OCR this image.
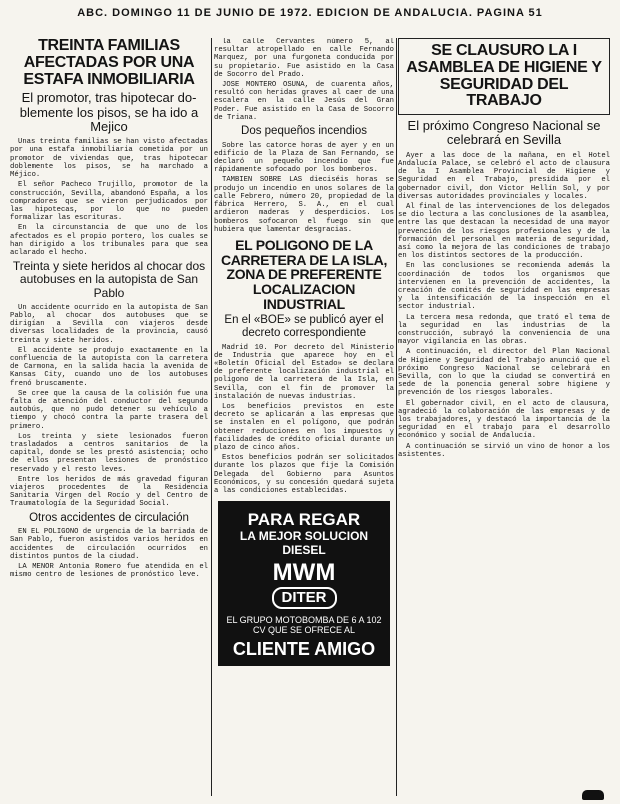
ABC. DOMINGO 11 DE JUNIO DE 1972. EDICION DE ANDALUCIA. PAGINA 51
TREINTA FAMILIAS AFECTADAS POR UNA ESTAFA INMOBILIARIA
El promotor, tras hipotecar do-blemente los pisos, se ha ido a Mejico

Unas treinta familias se han visto afectadas por una estafa inmobiliaria cometida por un promotor de viviendas que, tras hipotecar doblemente los pisos, se ha marchado a Méjico.

El señor Pacheco Trujillo, promotor de la construcción, Sevilla, abandonó España, a los compradores que se vieron perjudicados por las hipotecas, por lo que no pueden formalizar las escrituras.

En la circunstancia de que uno de los afectados es el propio portero, los cuales se han dirigido a los tribunales para que sea aclarado el hecho.

Treinta y siete heridos al chocar dos autobuses en la autopista de San Pablo

Un accidente ocurrido en la autopista de San Pablo, al chocar dos autobuses que se dirigían a Sevilla con viajeros desde diversas localidades de la provincia, causó treinta y siete heridos.

El accidente se produjo exactamente en la confluencia de la autopista con la carretera de Carmona, en la salida hacia la avenida de Kansas City, cuando uno de los autobuses frenó bruscamente.

Se cree que la causa de la colisión fue una falta de atención del conductor del segundo autobús, que no pudo detener su vehículo a tiempo y chocó contra la parte trasera del primero.

Los treinta y siete lesionados fueron trasladados a centros sanitarios de la capital, donde se les prestó asistencia; ocho de ellos presentan lesiones de pronóstico reservado y el resto leves.

Entre los heridos de más gravedad figuran viajeros procedentes de la Residencia Sanitaria Virgen del Rocío y del Centro de Traumatología de la Seguridad Social.

Otros accidentes de circulación

EN EL POLIGONO de urgencia de la barriada de San Pablo, fueron asistidos varios heridos en accidentes de circulación ocurridos en distintos puntos de la ciudad.

LA MENOR Antonia Romero fue atendida en el mismo centro de lesiones de pronóstico leve.

la calle Cervantes número 5, al resultar atropellado en calle Fernando Marquez, por una furgoneta conducida por su propietario. Fue asistido en la Casa de Socorro del Prado.

JOSE MONTERO OSUNA, de cuarenta años, resultó con heridas graves al caer de una escalera en la calle Jesús del Gran Poder. Fue asistido en la Casa de Socorro de Triana.

Dos pequeños incendios

Sobre las catorce horas de ayer y en un edificio de la Plaza de San Fernando, se declaró un pequeño incendio que fue rápidamente sofocado por los bomberos.

TAMBIEN SOBRE LAS dieciséis horas se produjo un incendio en unos solares de la calle Febrero, número 20, propiedad de la fábrica Herrero, S. A., en el cual ardieron maderas y desperdicios. Los bomberos sofocaron el fuego sin que hubiera que lamentar desgracias.

EL POLIGONO DE LA CARRETERA DE LA ISLA, ZONA DE PREFERENTE LOCALIZACION INDUSTRIAL
En el «BOE» se publicó ayer el decreto correspondiente

Madrid 10. Por decreto del Ministerio de Industria que aparece hoy en el «Boletín Oficial del Estado» se declara de preferente localización industrial el polígono de la carretera de la Isla, en Sevilla, con el fin de promover la instalación de nuevas industrias.

Los beneficios previstos en este decreto se aplicarán a las empresas que se instalen en el polígono, que podrán obtener reducciones en los impuestos y facilidades de crédito oficial durante un plazo de cinco años.

Estos beneficios podrán ser solicitados durante los plazos que fije la Comisión Delegada del Gobierno para Asuntos Económicos, y su concesión quedará sujeta a las condiciones establecidas.

PARA REGAR
LA MEJOR SOLUCION
DIESEL
MWM
DITER
EL GRUPO MOTOBOMBA DE 6 A 102 CV QUE SE OFRECE AL
CLIENTE AMIGO
SE CLAUSURO LA I ASAMBLEA DE HIGIENE Y SEGURIDAD DEL TRABAJO
El próximo Congreso Nacional se celebrará en Sevilla

Ayer a las doce de la mañana, en el Hotel Andalucía Palace, se celebró el acto de clausura de la I Asamblea Provincial de Higiene y Seguridad en el Trabajo, presidida por el gobernador civil, don Víctor Hellín Sol, y por diversas autoridades provinciales y locales.

Al final de las intervenciones de los delegados se dio lectura a las conclusiones de la asamblea, entre las que destacan la necesidad de una mayor prevención de los riesgos profesionales y de la formación del personal en materia de seguridad, así como la mejora de las condiciones de trabajo en los distintos sectores de la producción.

En las conclusiones se recomienda además la coordinación de todos los organismos que intervienen en la prevención de accidentes, la creación de comités de seguridad en las empresas y la intensificación de la inspección en el sector industrial.

La tercera mesa redonda, que trató el tema de la seguridad en las industrias de la construcción, subrayó la conveniencia de una mayor vigilancia en las obras.

A continuación, el director del Plan Nacional de Higiene y Seguridad del Trabajo anunció que el próximo Congreso Nacional se celebrará en Sevilla, con lo que la ciudad se convertirá en sede de la ponencia general sobre higiene y prevención de los riesgos laborales.

El gobernador civil, en el acto de clausura, agradeció la colaboración de las empresas y de los trabajadores, y destacó la importancia de la seguridad en el trabajo para el desarrollo económico y social de Andalucía.

A continuación se sirvió un vino de honor a los asistentes.
